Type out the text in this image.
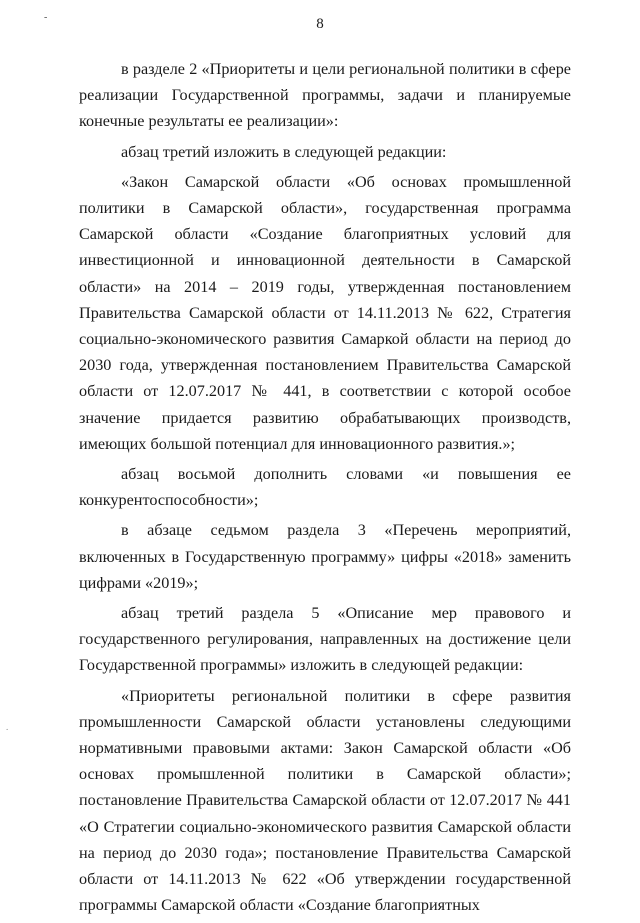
-	8
.

в разделе 2 «Приоритеты и цели региональной политики в сфере реализации Государственной программы, задачи и планируемые конечные результаты ее реализации»:

абзац третий изложить в следующей редакции:

«Закон Самарской области «Об основах промышленной политики в Самарской области», государственная программа Самарской области «Создание благоприятных условий для инвестиционной и инновационной деятельности в Самарской области» на 2014 – 2019 годы, утвержденная постановлением Правительства Самарской области от 14.11.2013 № 622, Стратегия социально-экономического развития Самаркой области на период до 2030 года, утвержденная постановлением Правительства Самарской области от 12.07.2017 № 441, в соответствии с которой особое значение придается развитию обрабатывающих производств, имеющих большой потенциал для инновационного развития.»;

абзац восьмой дополнить словами «и повышения ее конкурентоспособности»;

в абзаце седьмом раздела 3 «Перечень мероприятий, включенных в Государственную программу» цифры «2018» заменить цифрами «2019»;

абзац третий раздела 5 «Описание мер правового и государственного регулирования, направленных на достижение цели Государственной программы» изложить в следующей редакции:

«Приоритеты региональной политики в сфере развития промышленности Самарской области установлены следующими нормативными правовыми актами: Закон Самарской области «Об основах промышленной политики в Самарской области»; постановление Правительства Самарской области от 12.07.2017 № 441 «О Стратегии социально-экономического развития Самарской области на период до 2030 года»; постановление Правительства Самарской области от 14.11.2013 № 622 «Об утверждении государственной программы Самарской области «Создание благоприятных
